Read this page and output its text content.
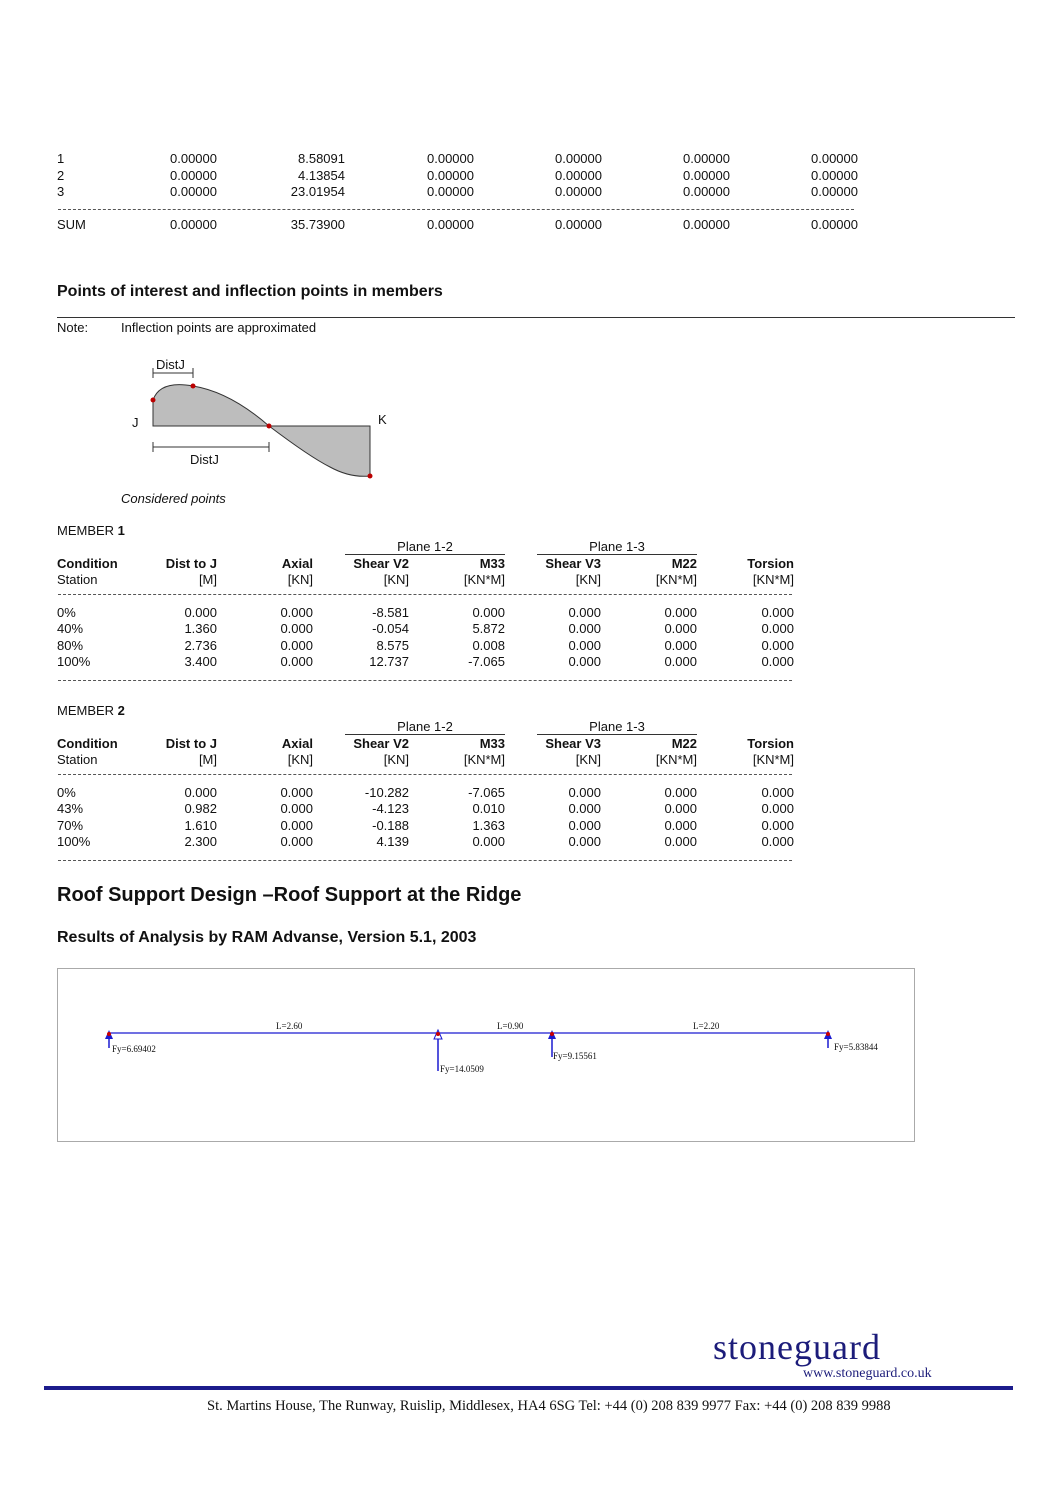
1	0.00000	8.58091	0.00000	0.00000	0.00000	0.00000
2	0.00000	4.13854	0.00000	0.00000	0.00000	0.00000
3	0.00000	23.01954	0.00000	0.00000	0.00000	0.00000
SUM	0.00000	35.73900	0.00000	0.00000	0.00000	0.00000
Points of interest and inflection points in members
Note:	Inflection points are approximated
DistJ
DistJ
J	K
Considered points
MEMBER 1
Plane 1-2	Plane 1-3
Condition	Dist to J	Axial	Shear V2	M33	Shear V3	M22	Torsion
Station	[M]	[KN]	[KN]	[KN*M]	[KN]	[KN*M]	[KN*M]
0%	0.000	0.000	-8.581	0.000	0.000	0.000	0.000
40%	1.360	0.000	-0.054	5.872	0.000	0.000	0.000
80%	2.736	0.000	8.575	0.008	0.000	0.000	0.000
100%	3.400	0.000	12.737	-7.065	0.000	0.000	0.000
MEMBER 2
Plane 1-2	Plane 1-3
Condition	Dist to J	Axial	Shear V2	M33	Shear V3	M22	Torsion
Station	[M]	[KN]	[KN]	[KN*M]	[KN]	[KN*M]	[KN*M]
0%	0.000	0.000	-10.282	-7.065	0.000	0.000	0.000
43%	0.982	0.000	-4.123	0.010	0.000	0.000	0.000
70%	1.610	0.000	-0.188	1.363	0.000	0.000	0.000
100%	2.300	0.000	4.139	0.000	0.000	0.000	0.000
Roof Support Design –Roof Support at the Ridge
Results of Analysis by RAM Advanse, Version 5.1, 2003
L=2.60	L=0.90	L=2.20
Fy=6.69402
Fy=14.0509
Fy=9.15561
Fy=5.83844
stoneguard
www.stoneguard.co.uk
St. Martins House, The Runway, Ruislip, Middlesex, HA4 6SG Tel: +44 (0) 208 839 9977 Fax: +44 (0) 208 839 9988
